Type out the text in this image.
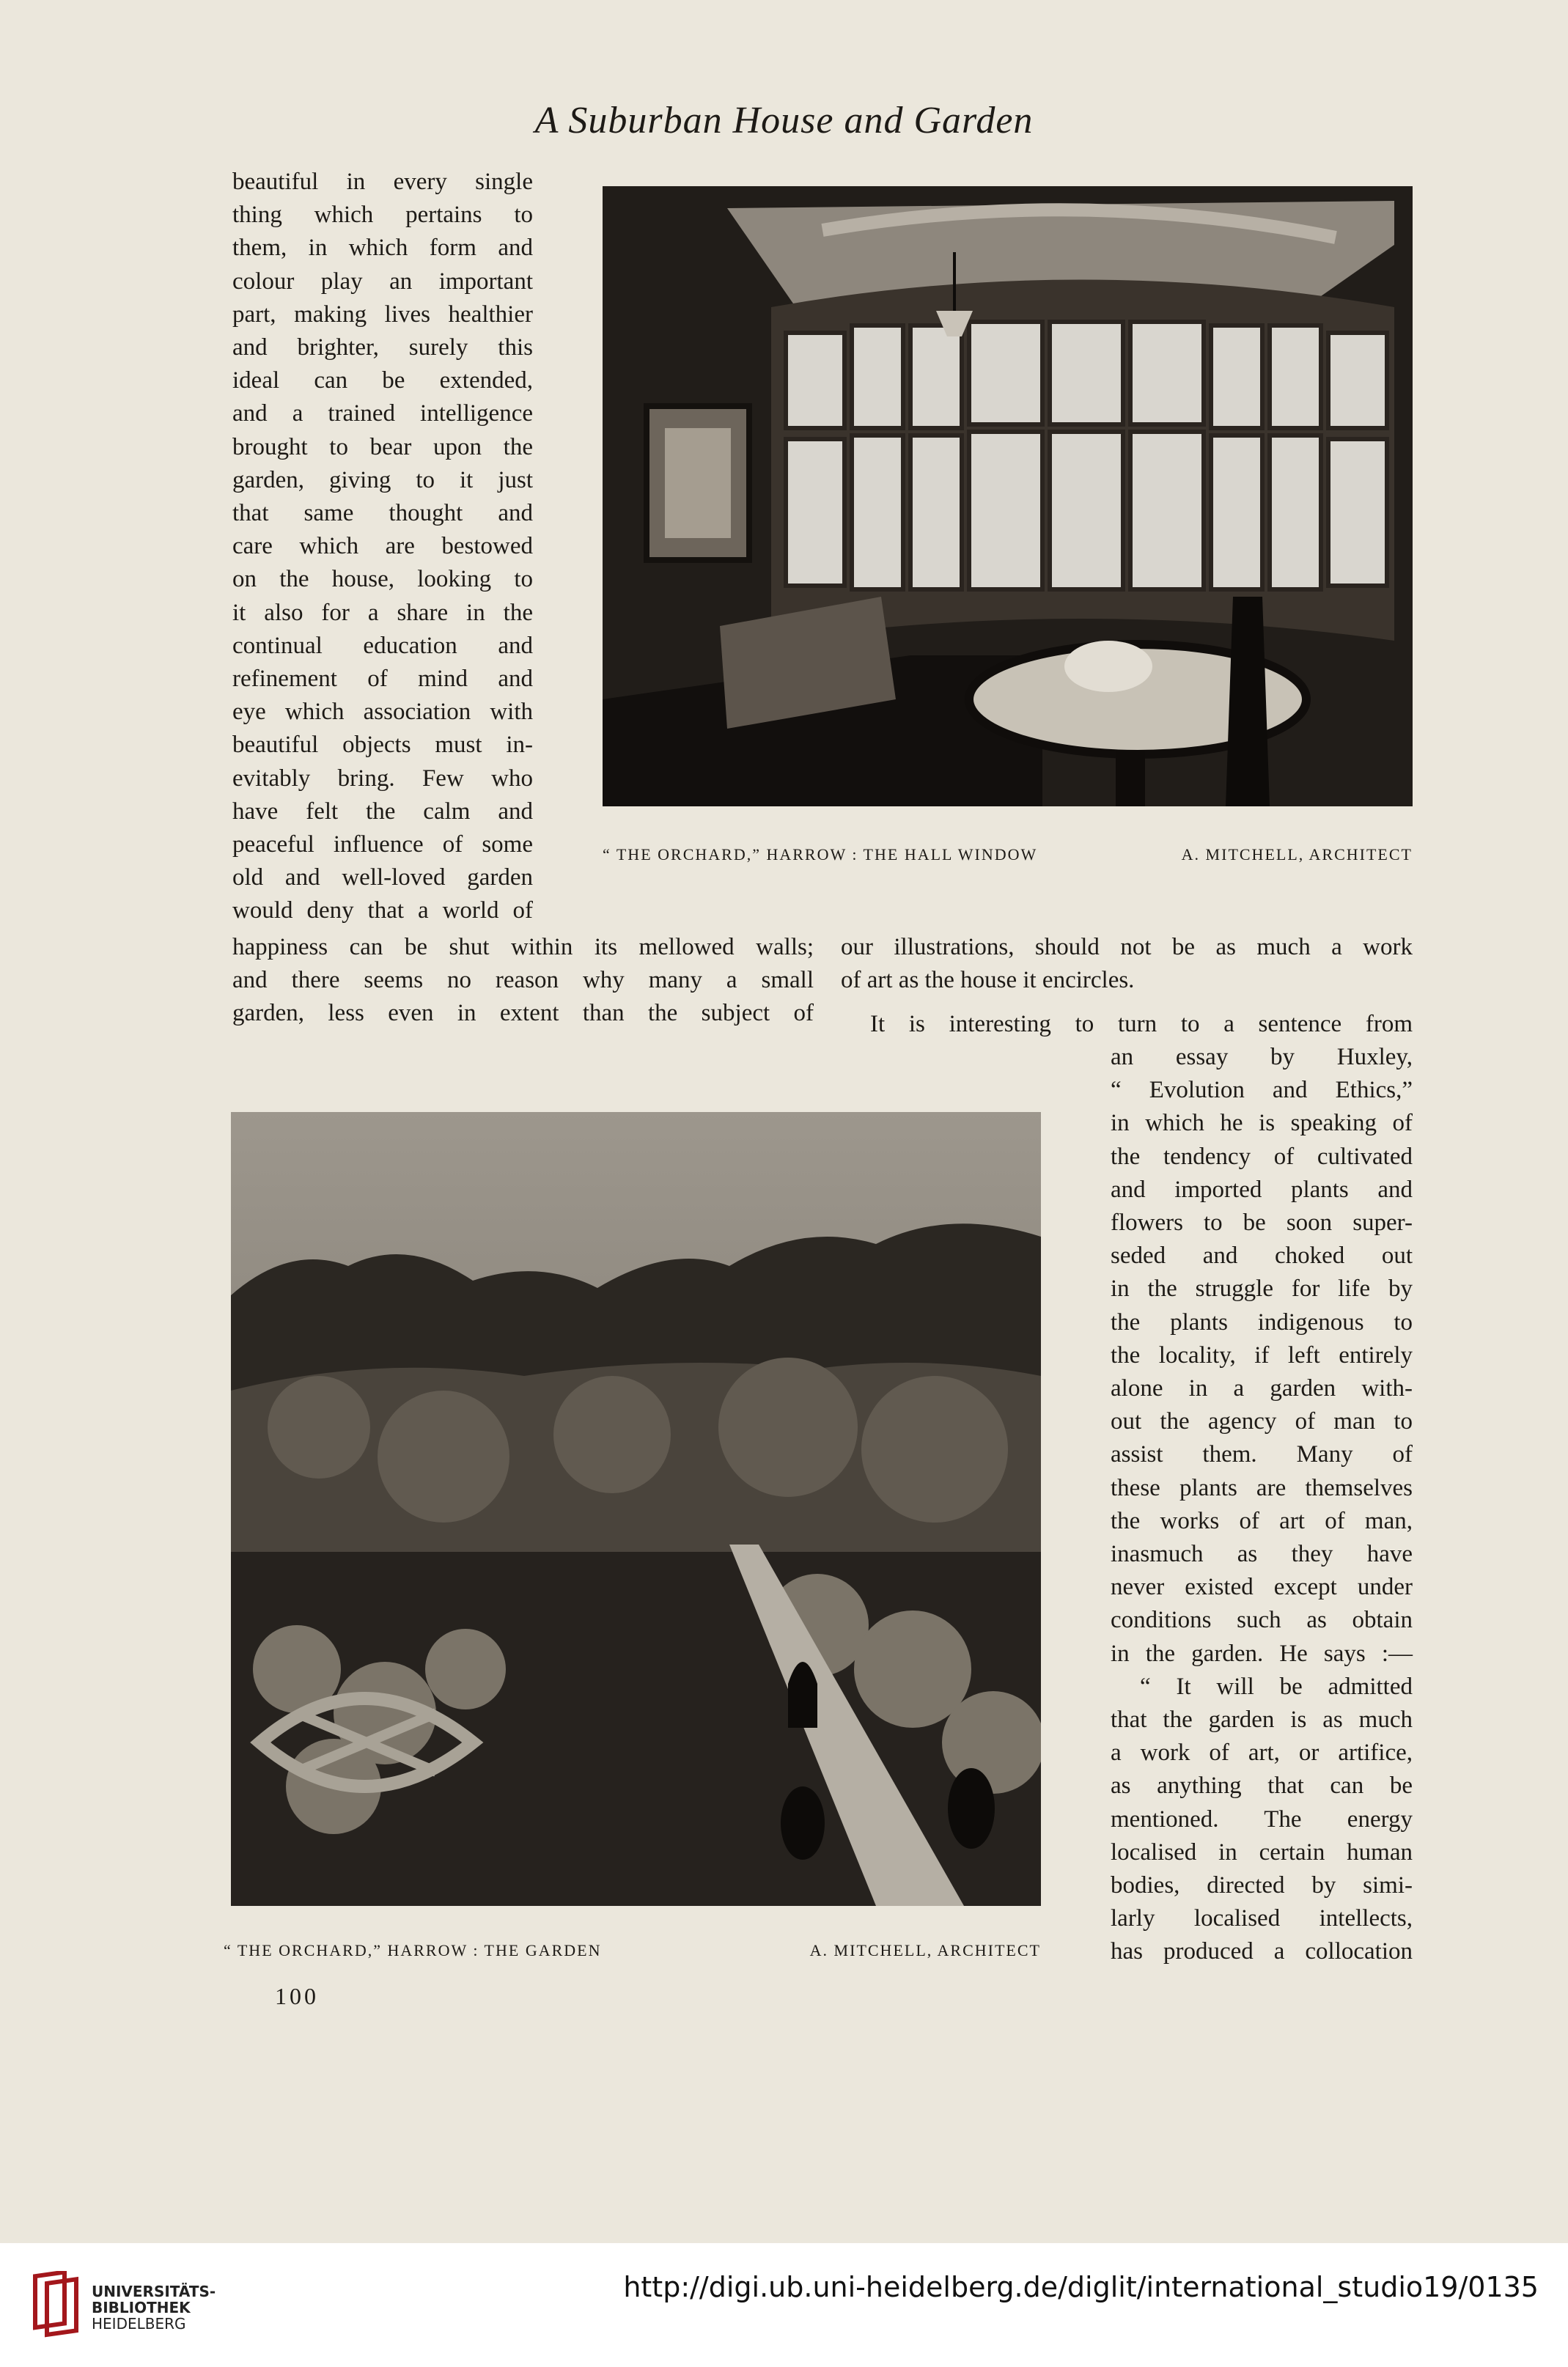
A Suburban House and Garden
“ THE ORCHARD,” HARROW : THE HALL WINDOW	A. MITCHELL, ARCHITECT
beautiful in every single
thing which pertains to
them, in which form and
colour play an important
part, making lives healthier
and brighter, surely this
ideal can be extended,
and a trained intelligence
brought to bear upon the
garden, giving to it just
that same thought and
care which are bestowed
on the house, looking to
it also for a share in the
continual education and
refinement of mind and
eye which association with
beautiful objects must in-
evitably bring. Few who
have felt the calm and
peaceful influence of some
old and well-loved garden
would deny that a world of
happiness can be shut within its mellowed walls;
and there seems no reason why many a small
garden, less even in extent than the subject of
our illustrations, should not be as much a work
of art as the house it encircles.
It is interesting to turn to a sentence from
an essay by Huxley,
“ Evolution and Ethics,”
in which he is speaking of
the tendency of cultivated
and imported plants and
flowers to be soon super-
seded and choked out
in the struggle for life by
the plants indigenous to
the locality, if left entirely
alone in a garden with-
out the agency of man to
assist them. Many of
these plants are themselves
the works of art of man,
inasmuch as they have
never existed except under
conditions such as obtain
in the garden. He says :—
“ It will be admitted
that the garden is as much
a work of art, or artifice,
as anything that can be
mentioned. The energy
localised in certain human
bodies, directed by simi-
larly localised intellects,
has produced a collocation
“ THE ORCHARD,” HARROW : THE GARDEN	A. MITCHELL, ARCHITECT
100
UNIVERSITÄTS-
BIBLIOTHEK
HEIDELBERG
http://digi.ub.uni-heidelberg.de/diglit/international_studio19/0135
